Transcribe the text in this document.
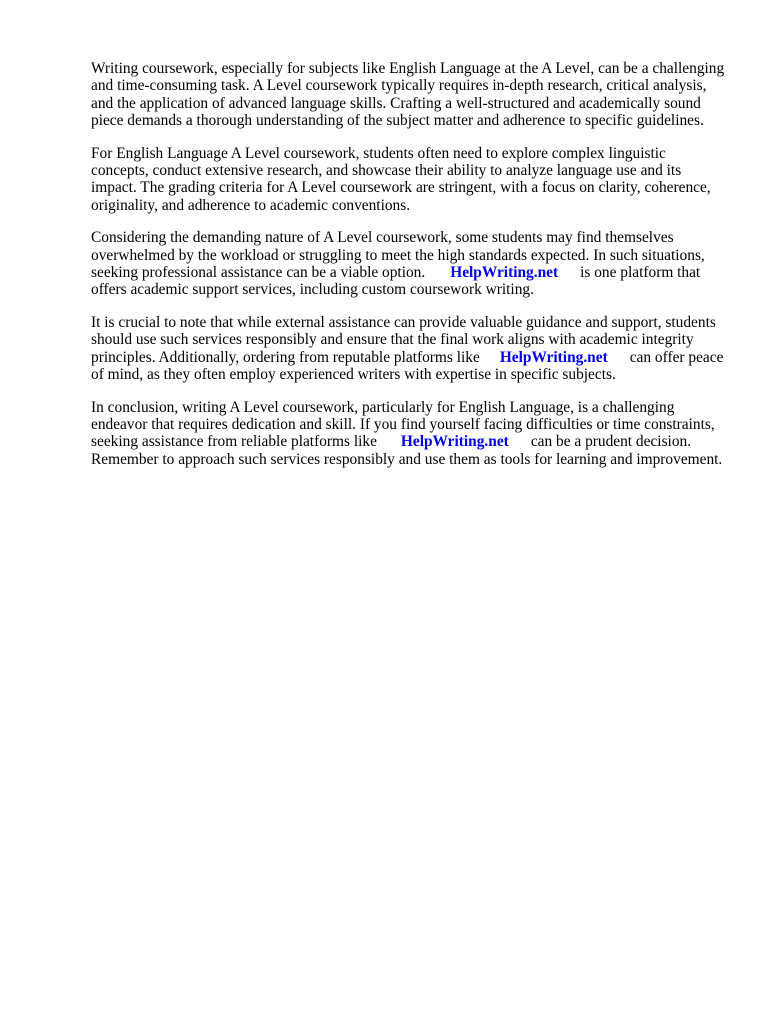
Writing coursework, especially for subjects like English Language at the A Level, can be a challenging and time-consuming task. A Level coursework typically requires in-depth research, critical analysis, and the application of advanced language skills. Crafting a well-structured and academically sound piece demands a thorough understanding of the subject matter and adherence to specific guidelines.

For English Language A Level coursework, students often need to explore complex linguistic concepts, conduct extensive research, and showcase their ability to analyze language use and its impact. The grading criteria for A Level coursework are stringent, with a focus on clarity, coherence, originality, and adherence to academic conventions.

Considering the demanding nature of A Level coursework, some students may find themselves overwhelmed by the workload or struggling to meet the high standards expected. In such situations, seeking professional assistance can be a viable option. HelpWriting.net is one platform that offers academic support services, including custom coursework writing.

It is crucial to note that while external assistance can provide valuable guidance and support, students should use such services responsibly and ensure that the final work aligns with academic integrity principles. Additionally, ordering from reputable platforms like HelpWriting.net can offer peace of mind, as they often employ experienced writers with expertise in specific subjects.

In conclusion, writing A Level coursework, particularly for English Language, is a challenging endeavor that requires dedication and skill. If you find yourself facing difficulties or time constraints, seeking assistance from reliable platforms like HelpWriting.net can be a prudent decision. Remember to approach such services responsibly and use them as tools for learning and improvement.
